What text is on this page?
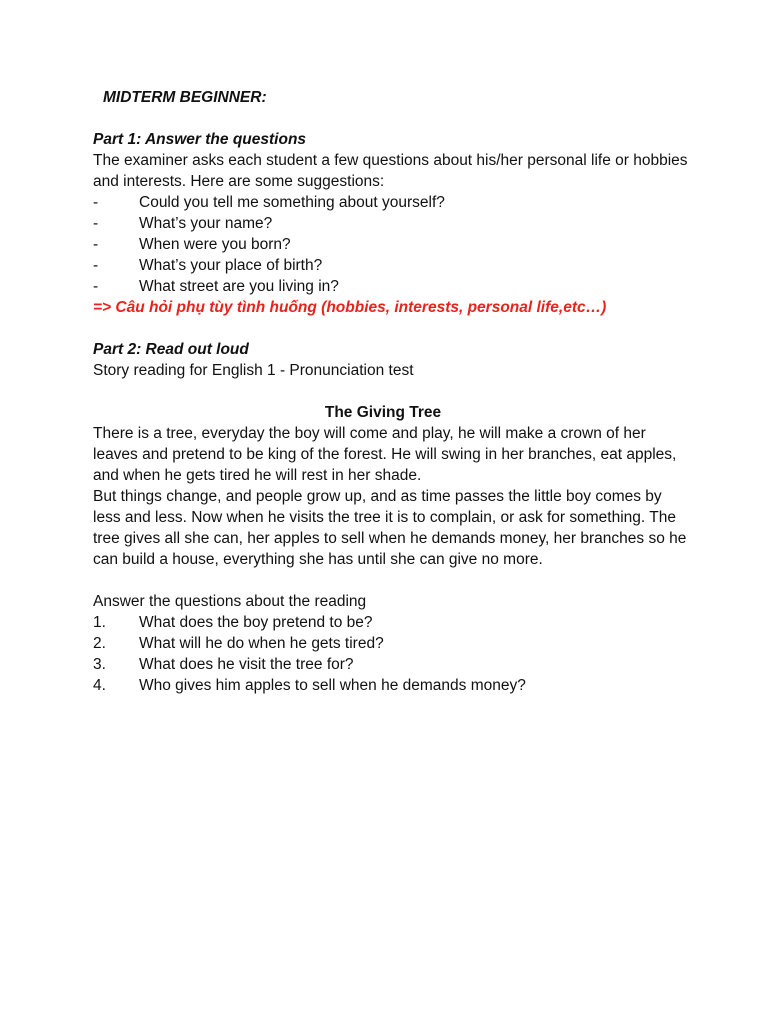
MIDTERM BEGINNER:
Part 1: Answer the questions

The examiner asks each student a few questions about his/her personal life or hobbies and interests. Here are some suggestions:

-	Could you tell me something about yourself?
-	What’s your name?
-	When were you born?
-	What’s your place of birth?
-	What street are you living in?
=> Câu hỏi phụ tùy tình huống (hobbies, interests, personal life,etc…)
Part 2: Read out loud
Story reading for English 1 - Pronunciation test
The Giving Tree

There is a tree, everyday the boy will come and play, he will make a crown of her leaves and pretend to be king of the forest. He will swing in her branches, eat apples, and when he gets tired he will rest in her shade.

But things change, and people grow up, and as time passes the little boy comes by less and less. Now when he visits the tree it is to complain, or ask for something. The tree gives all she can, her apples to sell when he demands money, her branches so he can build a house, everything she has until she can give no more.

Answer the questions about the reading
1.	What does the boy pretend to be?
2.	What will he do when he gets tired?
3.	What does he visit the tree for?
4.	Who gives him apples to sell when he demands money?
